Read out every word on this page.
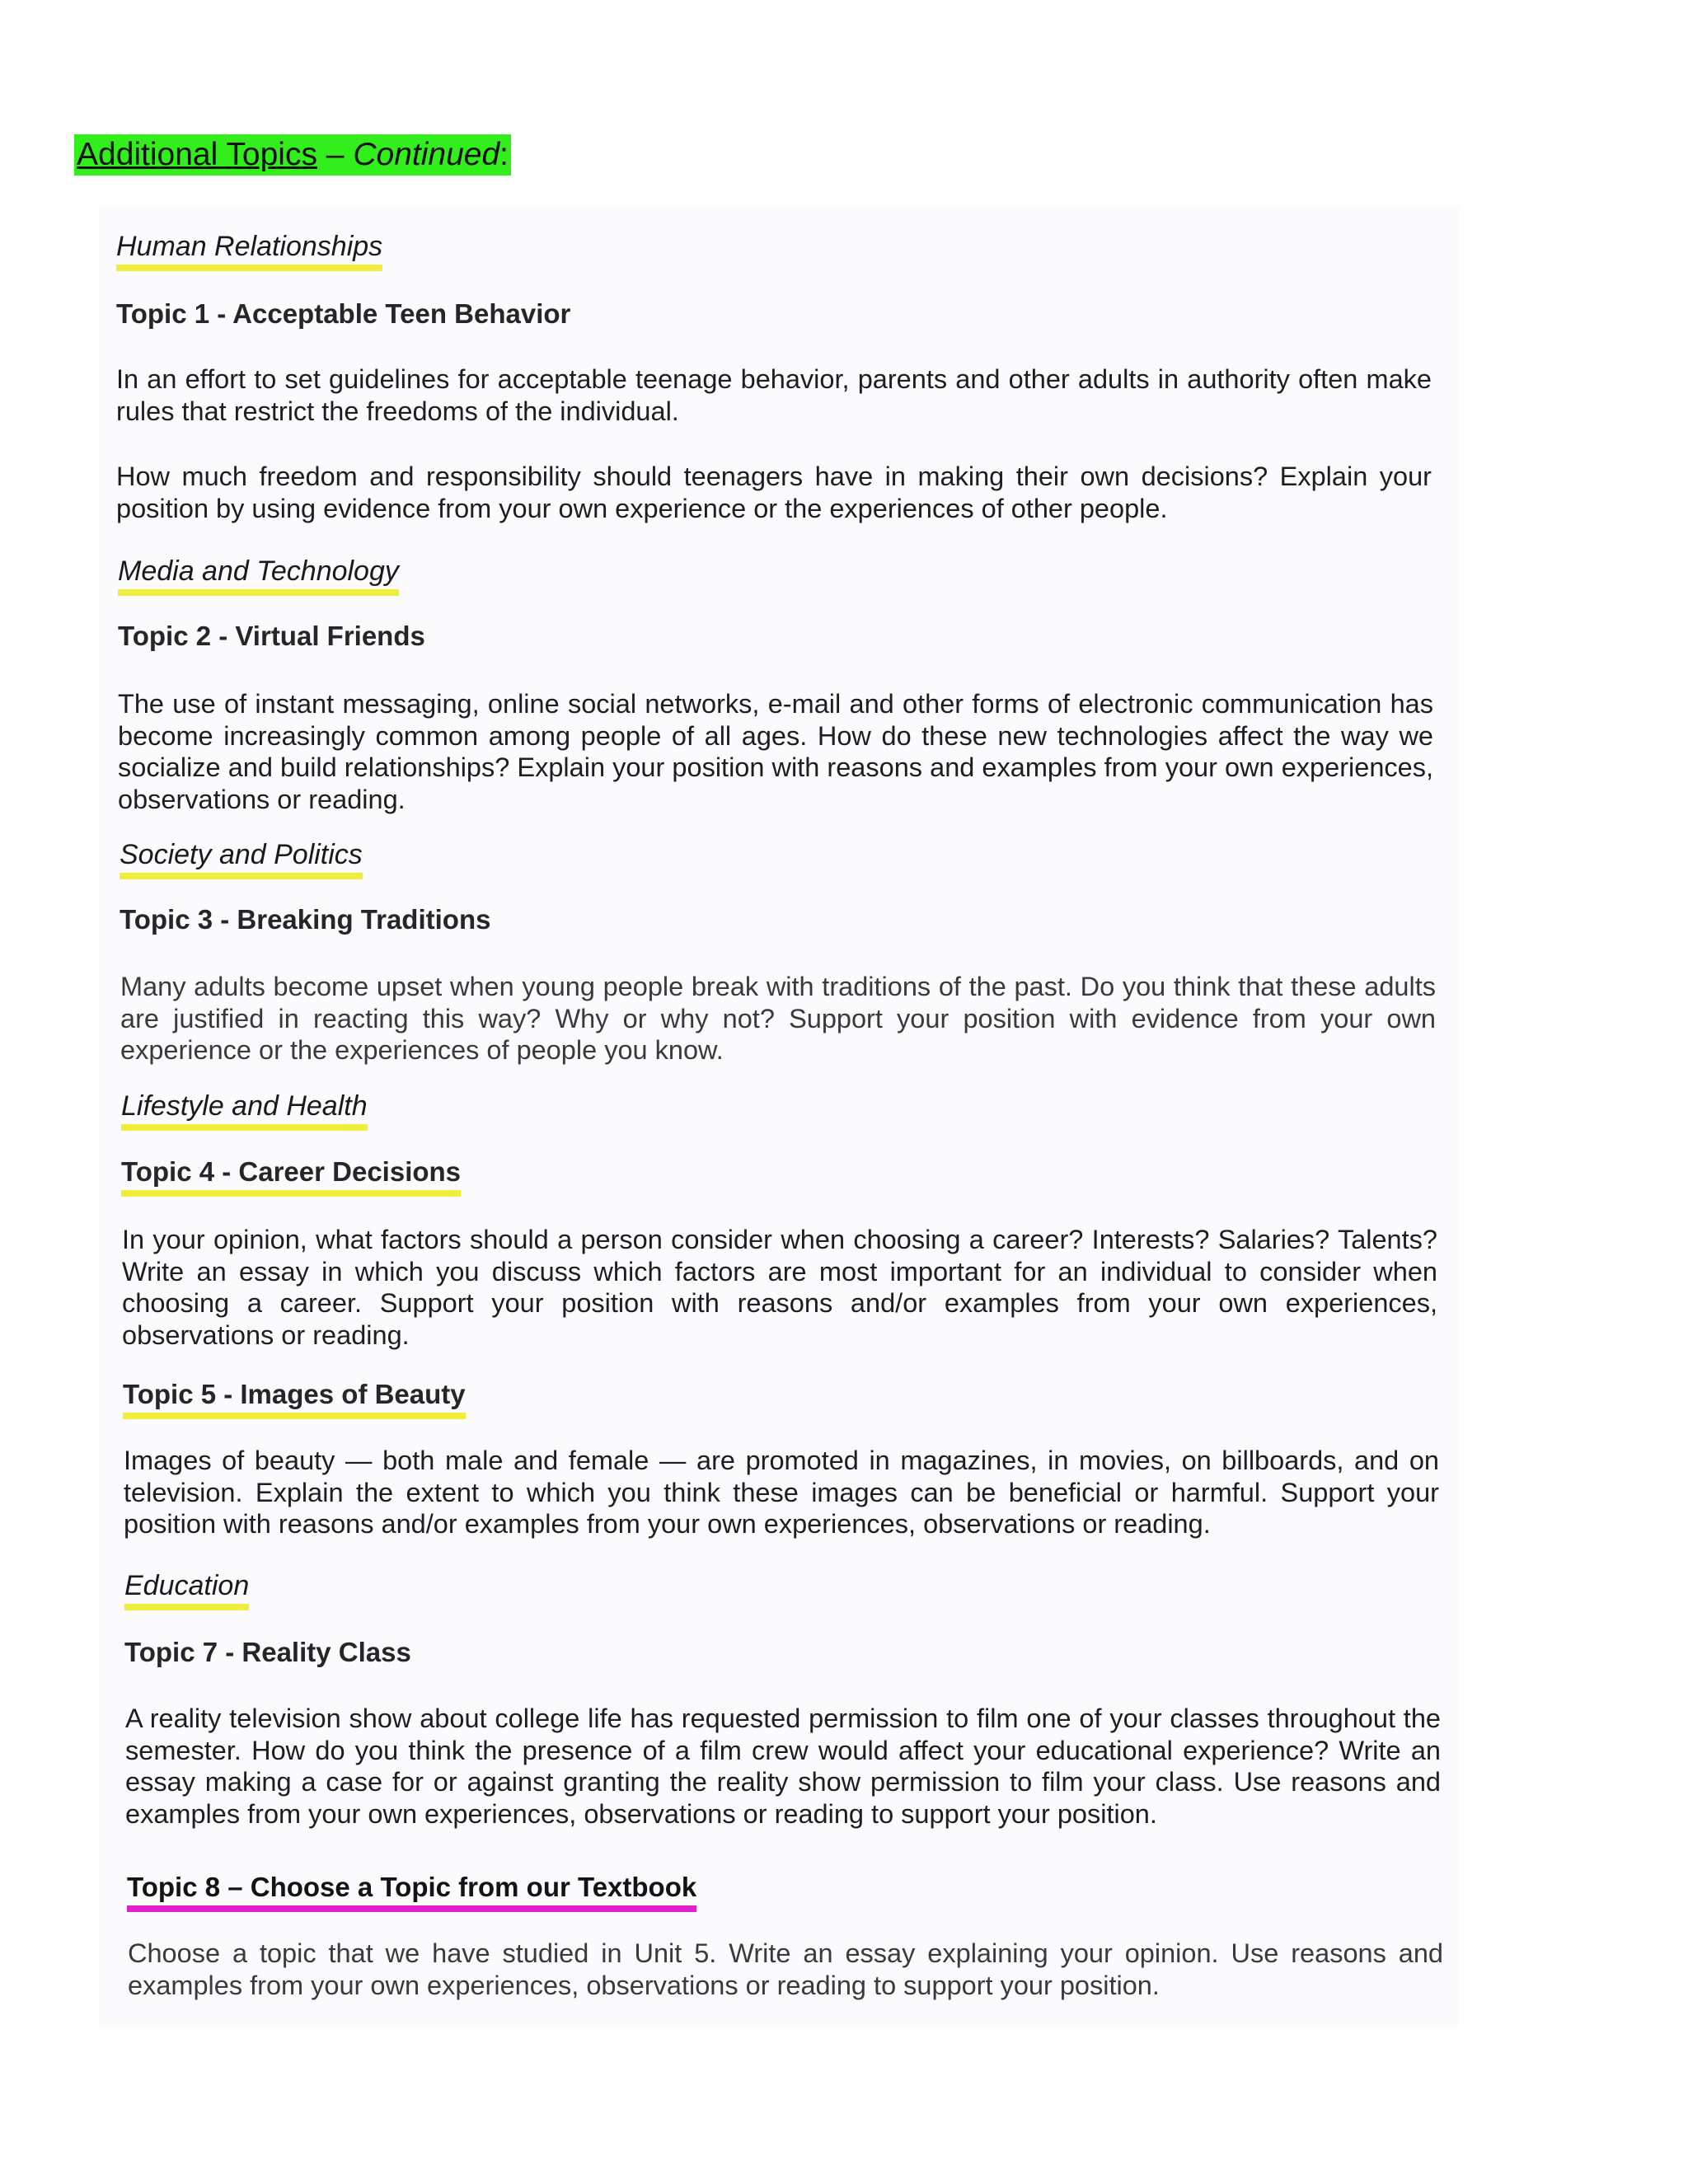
Additional Topics – Continued:
Human Relationships
Topic 1 - Acceptable Teen Behavior
In an effort to set guidelines for acceptable teenage behavior, parents and other adults in authority often make rules that restrict the freedoms of the individual.
How much freedom and responsibility should teenagers have in making their own decisions? Explain your position by using evidence from your own experience or the experiences of other people.
Media and Technology
Topic 2 - Virtual Friends
The use of instant messaging, online social networks, e-mail and other forms of electronic communication has become increasingly common among people of all ages. How do these new technologies affect the way we socialize and build relationships? Explain your position with reasons and examples from your own experiences, observations or reading.
Society and Politics
Topic 3 - Breaking Traditions
Many adults become upset when young people break with traditions of the past. Do you think that these adults are justified in reacting this way? Why or why not? Support your position with evidence from your own experience or the experiences of people you know.
Lifestyle and Health
Topic 4 - Career Decisions
In your opinion, what factors should a person consider when choosing a career? Interests? Salaries? Talents? Write an essay in which you discuss which factors are most important for an individual to consider when choosing a career. Support your position with reasons and/or examples from your own experiences, observations or reading.
Topic 5 - Images of Beauty
Images of beauty — both male and female — are promoted in magazines, in movies, on billboards, and on television. Explain the extent to which you think these images can be beneficial or harmful. Support your position with reasons and/or examples from your own experiences, observations or reading.
Education
Topic 7 - Reality Class
A reality television show about college life has requested permission to film one of your classes throughout the semester. How do you think the presence of a film crew would affect your educational experience? Write an essay making a case for or against granting the reality show permission to film your class. Use reasons and examples from your own experiences, observations or reading to support your position.
Topic 8 – Choose a Topic from our Textbook
Choose a topic that we have studied in Unit 5. Write an essay explaining your opinion. Use reasons and examples from your own experiences, observations or reading to support your position.
